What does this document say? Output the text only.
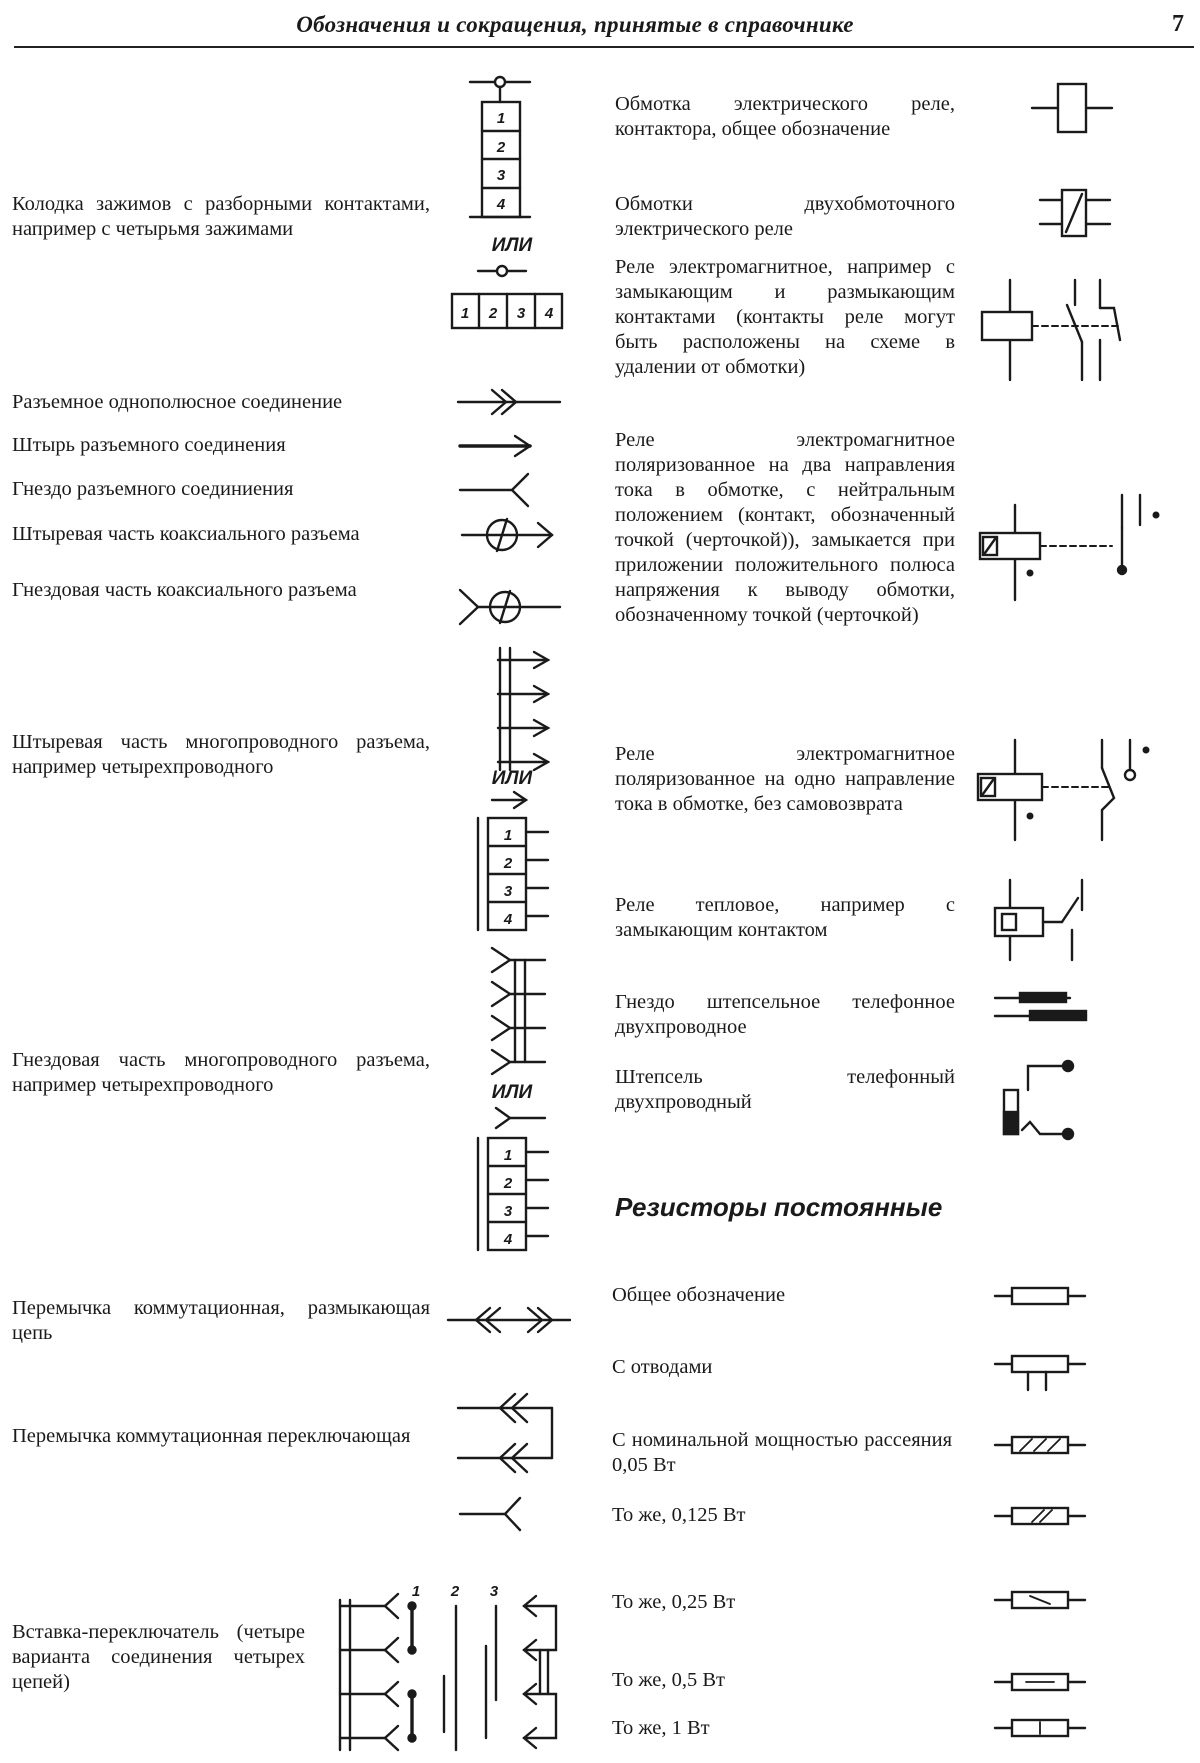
Обозначения и сокращения, принятые в справочнике	7
Колодка зажимов с разборными контактами, например с четырьмя зажимами
Разъемное однополюсное соединение
Штырь разъемного соединения
Гнездо разъемного соединиения
Штыревая часть коаксиального разъема
Гнездовая часть коаксиального разъема
Штыревая часть многопроводного разъема, например четырехпроводного
Гнездовая часть многопроводного разъема, например четырехпроводного
Перемычка коммутационная, размыкающая цепь
Перемычка коммутационная переключающая
Вставка-переключатель (четыре варианта соединения четырех цепей)
Обмотка электрического реле, контактора, общее обозначение
Обмотки двухобмоточного электрического реле
Реле электромагнитное, например с замыкающим и размыкающим контактами (контакты реле могут быть расположены на схеме в удалении от обмотки)
Реле электромагнитное поляризованное на два направления тока в обмотке, с нейтральным положением (контакт, обозначенный точкой (черточкой)), замыкается при приложении положительного полюса напряжения к выводу обмотки, обозначенному точкой (черточкой)
Реле электромагнитное поляризованное на одно направление тока в обмотке, без самовозврата
Реле тепловое, например с замыкающим контактом
Гнездо штепсельное телефонное двухпроводное
Штепсель телефонный двухпроводный
Резисторы постоянные
Общее обозначение
С отводами
С номинальной мощностью рассеяния 0,05 Вт
То же, 0,125 Вт
То же, 0,25 Вт
То же, 0,5 Вт
То же, 1 Вт
1
2
3
4
ИЛИ
1 2 3 4
ИЛИ
1
2
3
4
ИЛИ
1
2
3
4
1 2 3
